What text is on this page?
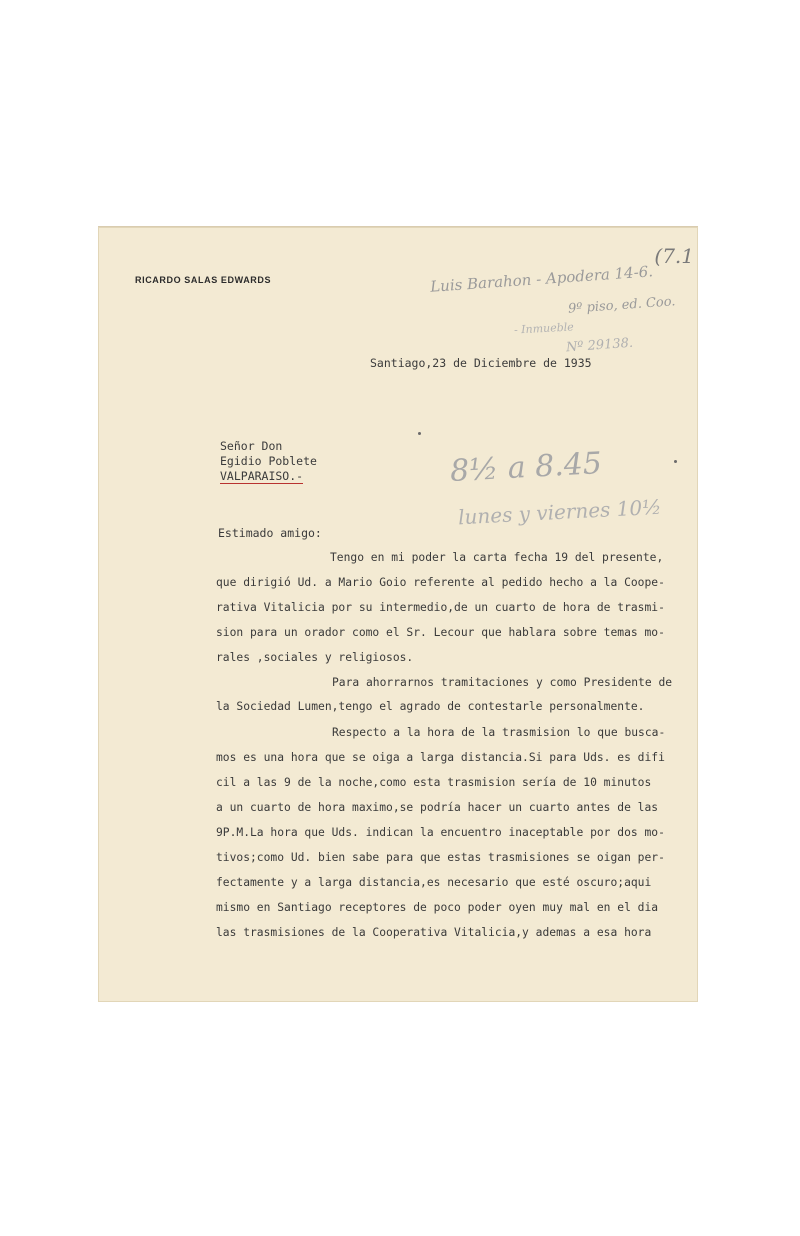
RICARDO SALAS EDWARDS
(7.1
Luis Barahon - Apodera 14-6.
9º piso, ed. Coo.
- Inmueble
Nº 29138.
Santiago,23 de Diciembre de 1935
Señor Don
Egidio Poblete
VALPARAISO.-	8½ a 8.45
lunes y viernes 10½
Estimado amigo:

Tengo en mi poder la carta fecha 19 del presente,

que dirigió Ud. a Mario Goio referente al pedido hecho a la Coope-

rativa Vitalicia por su intermedio,de un cuarto de hora de trasmi-

sion para un orador como el Sr. Lecour que hablara sobre temas mo-

rales ,sociales y religiosos.

Para ahorrarnos tramitaciones y como Presidente de

la Sociedad Lumen,tengo el agrado de contestarle personalmente.

Respecto a la hora de la trasmision lo que busca-

mos es una hora que se oiga a larga distancia.Si para Uds. es difi

cil a las 9 de la noche,como esta trasmision sería de 10 minutos

a un cuarto de hora maximo,se podría hacer un cuarto antes de las

9P.M.La hora que Uds. indican la encuentro inaceptable por dos mo-

tivos;como Ud. bien sabe para que estas trasmisiones se oigan per-

fectamente y a larga distancia,es necesario que esté oscuro;aqui

mismo en Santiago receptores de poco poder oyen muy mal en el dia

las trasmisiones de la Cooperativa Vitalicia,y ademas a esa hora
